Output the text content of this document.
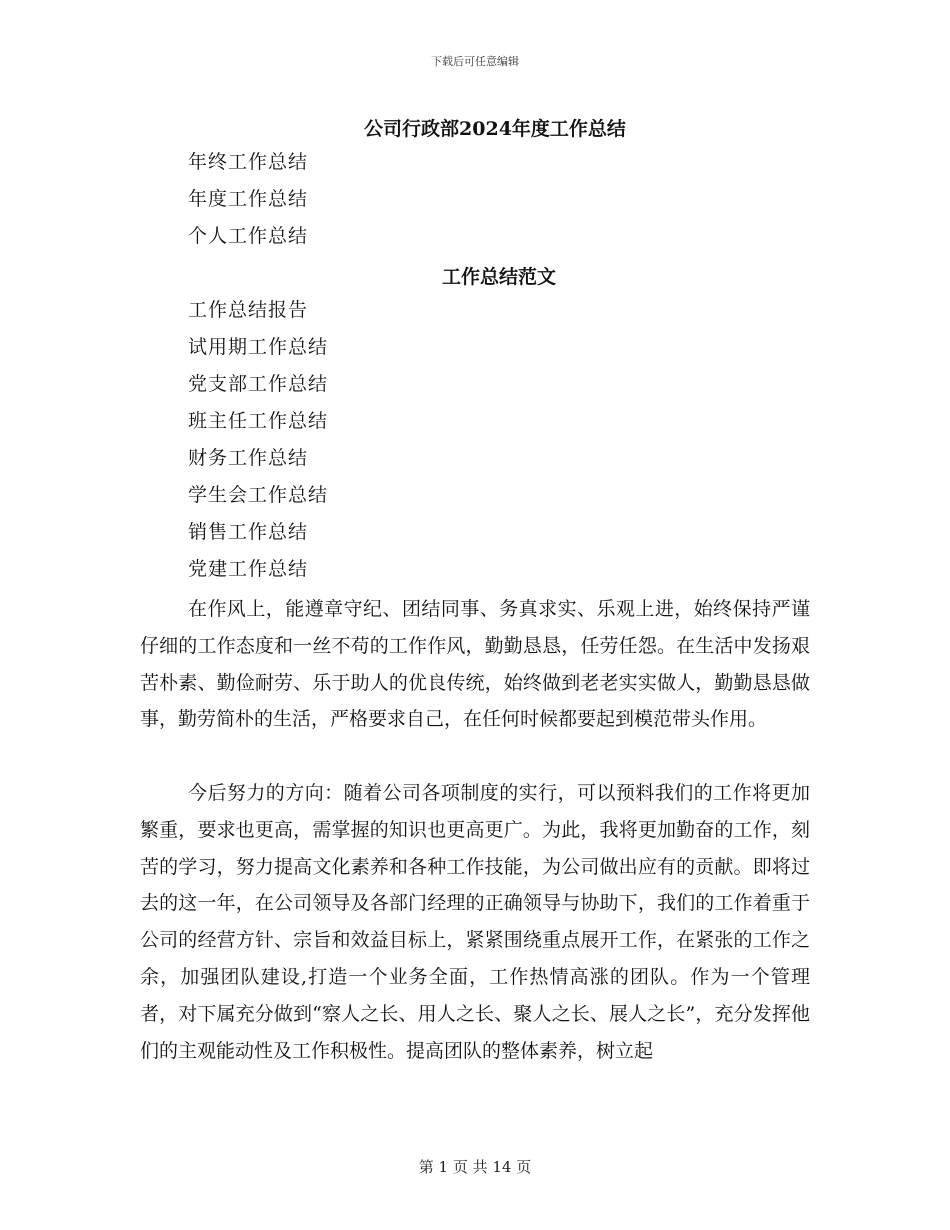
下载后可任意编辑
公司行政部2024年度工作总结
年终工作总结
年度工作总结
个人工作总结
工作总结范文
工作总结报告
试用期工作总结
党支部工作总结
班主任工作总结
财务工作总结
学生会工作总结
销售工作总结
党建工作总结

在作风上，能遵章守纪、团结同事、务真求实、乐观上进，始终保持严谨仔细的工作态度和一丝不苟的工作作风，勤勤恳恳，任劳任怨。在生活中发扬艰苦朴素、勤俭耐劳、乐于助人的优良传统，始终做到老老实实做人，勤勤恳恳做事，勤劳简朴的生活，严格要求自己，在任何时候都要起到模范带头作用。

今后努力的方向：随着公司各项制度的实行，可以预料我们的工作将更加繁重，要求也更高，需掌握的知识也更高更广。为此，我将更加勤奋的工作，刻苦的学习，努力提高文化素养和各种工作技能，为公司做出应有的贡献。即将过去的这一年，在公司领导及各部门经理的正确领导与协助下，我们的工作着重于公司的经营方针、宗旨和效益目标上，紧紧围绕重点展开工作，在紧张的工作之余，加强团队建设,打造一个业务全面，工作热情高涨的团队。作为一个管理者，对下属充分做到“察人之长、用人之长、聚人之长、展人之长”，充分发挥他们的主观能动性及工作积极性。提高团队的整体素养，树立起

第 1 页 共 14 页
